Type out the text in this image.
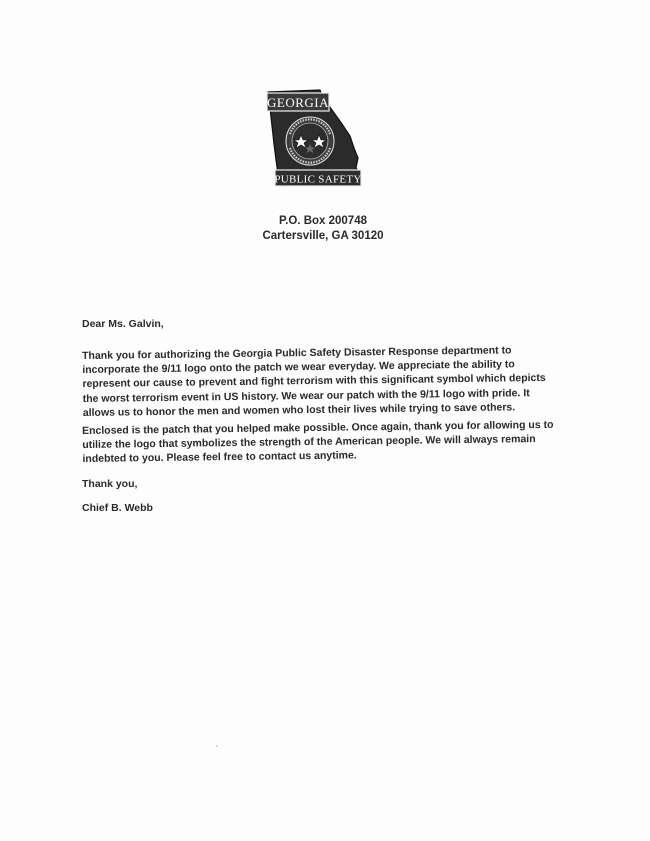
GEORGIA
PUBLIC SAFETY
P.O. Box 200748
Cartersville, GA 30120
Dear Ms. Galvin,
Thank you for authorizing the Georgia Public Safety Disaster Response department to incorporate the 9/11 logo onto the patch we wear everyday. We appreciate the ability to represent our cause to prevent and fight terrorism with this significant symbol which depicts the worst terrorism event in US history. We wear our patch with the 9/11 logo with pride. It allows us to honor the men and women who lost their lives while trying to save others.
Enclosed is the patch that you helped make possible. Once again, thank you for allowing us to utilize the logo that symbolizes the strength of the American people. We will always remain indebted to you. Please feel free to contact us anytime.
Thank you,
Chief B. Webb
